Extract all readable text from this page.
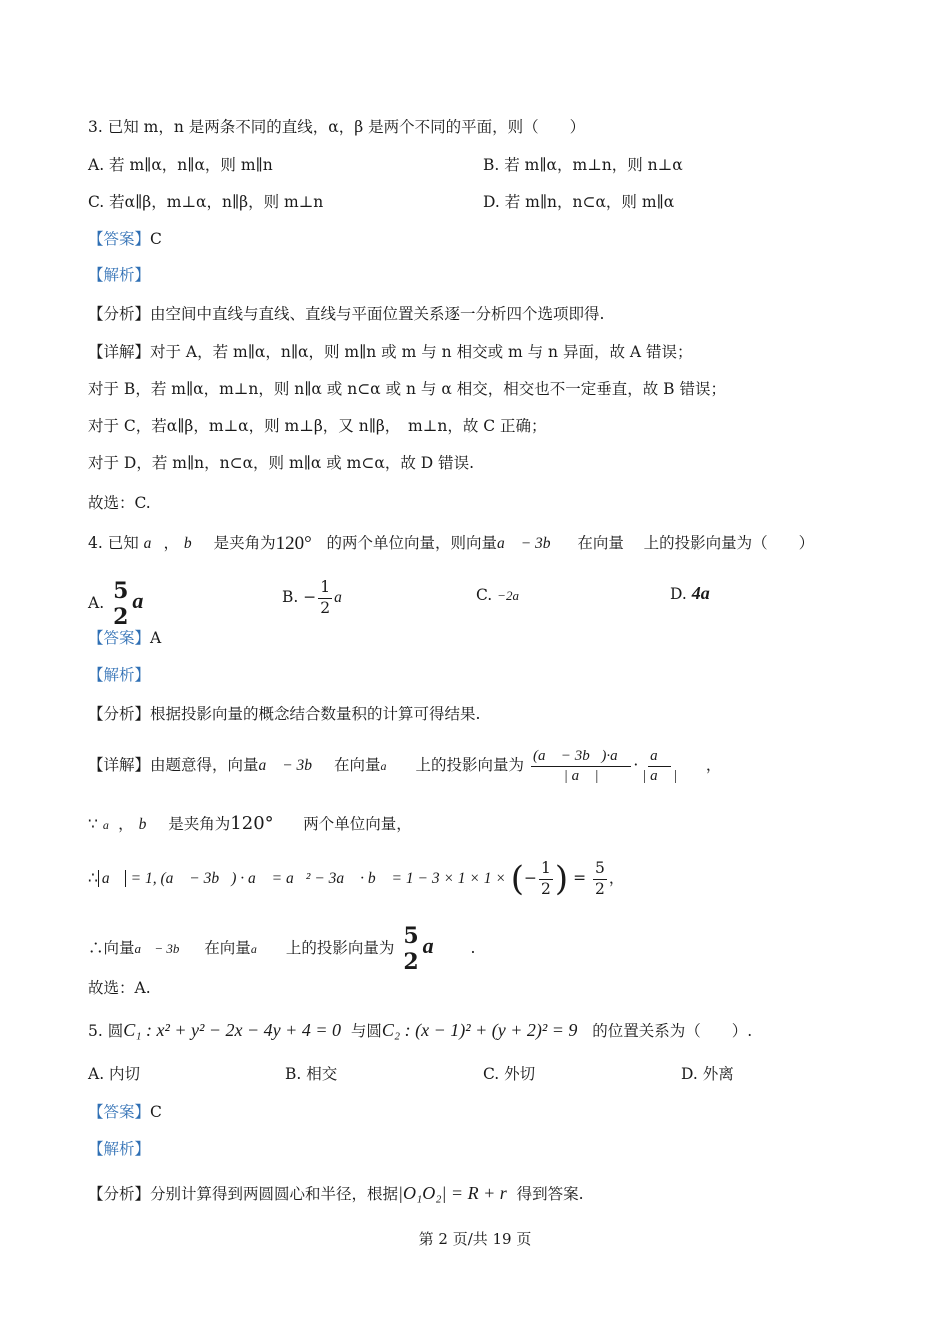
3. 已知 m，n 是两条不同的直线，α，β 是两个不同的平面，则（　　）
A. 若 m∥α，n∥α，则 m∥n	B. 若 m∥α，m⊥n，则 n⊥α
C. 若α∥β，m⊥α，n∥β，则 m⊥n	D. 若 m∥n，n⊂α，则 m∥α
【答案】C
【解析】
【分析】由空间中直线与直线、直线与平面位置关系逐一分析四个选项即得.
【详解】对于 A，若 m∥α，n∥α，则 m∥n 或 m 与 n 相交或 m 与 n 异面，故 A 错误；
对于 B，若 m∥α，m⊥n，则 n∥α 或 n⊂α 或 n 与 α 相交，相交也不一定垂直，故 B 错误；
对于 C，若α∥β，m⊥α，则 m⊥β，又 n∥β，　m⊥n，故 C 正确；
对于 D，若 m∥n，n⊂α，则 m∥α 或 m⊂α，故 D 错误.
故选：C.
4. 已知 a⃗， b⃗ 是夹角为120° 的两个单位向量，则向量a⃗ − 3b⃗ 在向量 上的投影向量为（　　）
A. 5
2
a⃗	B. − $\frac{1}{2}$ a⃗	C. −2a⃗	D. 4a⃗
【答案】A
【解析】
【分析】根据投影向量的概念结合数量积的计算可得结果.
【详解】由题意得，向量a⃗ − 3b⃗ 在向量a⃗ 上的投影向量为 $\frac{(a⃗ - 3b⃗)\cdot a⃗}{| a⃗ |} \cdot \frac{a⃗}{| a⃗ |}$ ，
∵ a⃗， b⃗ 是夹角为120° 两个单位向量，
∴ a⃗ = 1, (a⃗ − 3b⃗) · a⃗ = a⃗² − 3a⃗ · b⃗ = 1 − 3 × 1 × 1 × (− $\frac{1}{2}$ ) = $\frac{5}{2}$ ，
∴向量a⃗ − 3b⃗ 在向量a⃗ 上的投影向量为 5
2
a⃗ .
故选：A.
5. 圆C₁ : x² + y² − 2x − 4y + 4 = 0 与圆C₂ : (x − 1)² + (y + 2)² = 9 的位置关系为（　　）.
A. 内切	B. 相交	C. 外切	D. 外离
【答案】C
【解析】
【分析】分别计算得到两圆圆心和半径，根据|O₁O₂| = R + r 得到答案.
第 2 页/共 19 页
